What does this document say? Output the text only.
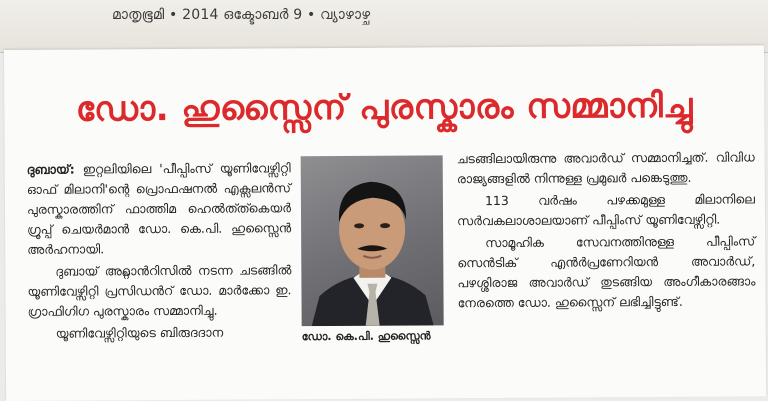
മാതൃഭൂമി • 2014 ഒക്ടോബർ 9 • വ്യാഴാഴ്ച

ഡോ. ഹുസ്സൈന് പുരസ്കാരം സമ്മാനിച്ചു

ദുബായ്: ഇറ്റലിയിലെ 'പീപ്പിംസ് യൂണിവേഴ്സിറ്റി ഓഫ് മിലാനി'ന്റെ പ്രൊഫഷനൽ എക്സലൻസ് പുരസ്കാരത്തിന് ഫാത്തിമ ഹെൽത്ത്കെയർ ഗ്രൂപ്പ് ചെയർമാൻ ഡോ. കെ.പി. ഹുസ്സൈൻ അർഹനായി.

ദുബായ് അറ്റ്ലാൻറിസിൽ നടന്ന ചടങ്ങിൽ യൂണിവേഴ്സിറ്റി പ്രസിഡൻറ് ഡോ. മാർക്കോ ഇ. ഗ്രാഫിഗിഗ പുരസ്കാരം സമ്മാനിച്ചു.

യൂണിവേഴ്സിറ്റിയുടെ ബിരുദദാന	ഡോ. കെ.പി. ഹുസ്സൈൻ

ചടങ്ങിലായിരുന്നു അവാർഡ് സമ്മാനിച്ചത്. വിവിധ രാജ്യങ്ങളിൽ നിന്നുള്ള പ്രമുഖർ പങ്കെടുത്തു.

113 വർഷം പഴക്കമുള്ള മിലാനിലെ സർവകലാശാലയാണ് പീപ്പിംസ് യൂണിവേഴ്സിറ്റി.

സാമൂഹിക സേവനത്തിനുള്ള പീപ്പിംസ് സെൻടിക് എൻർപ്രണേറിയൻ അവാർഡ്, പഴശ്ശിരാജ അവാർഡ് തുടങ്ങിയ അംഗീകാരങ്ങാം നേരത്തെ ഡോ. ഹുസ്സൈന് ലഭിച്ചിട്ടുണ്ട്.
